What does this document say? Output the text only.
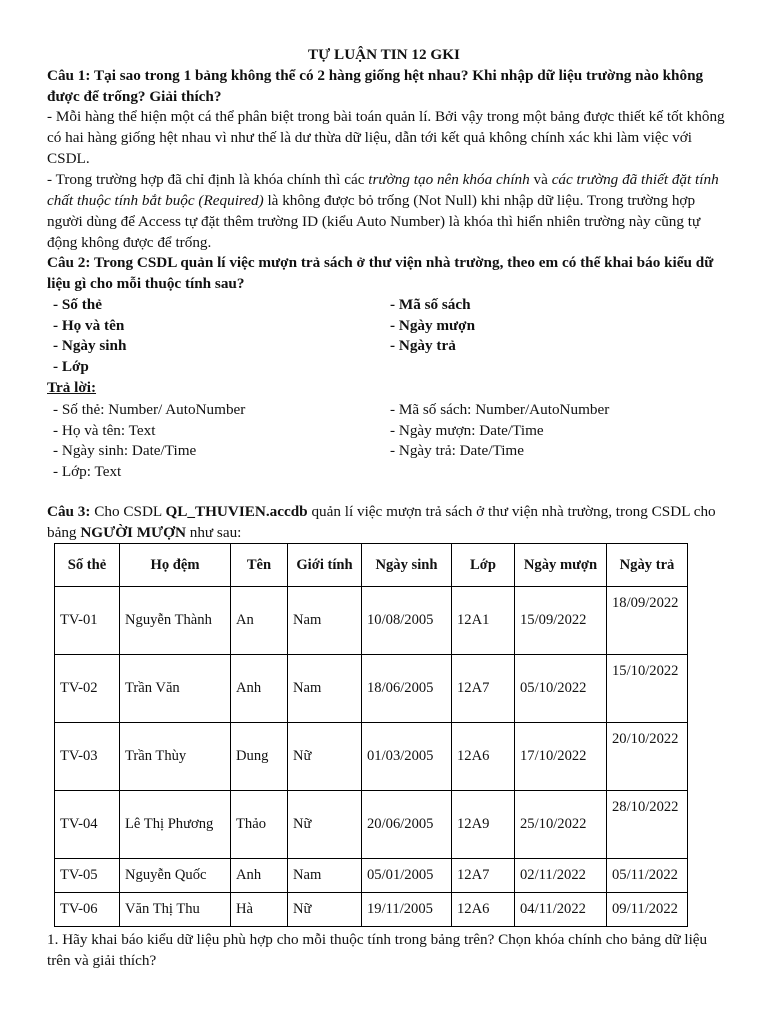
TỰ LUẬN TIN 12 GKI
Câu 1: Tại sao trong 1 bảng không thể có 2 hàng giống hệt nhau? Khi nhập dữ liệu trường nào không được để trống? Giải thích?
- Mỗi hàng thể hiện một cá thể phân biệt trong bài toán quản lí. Bởi vậy trong một bảng được thiết kế tốt không có hai hàng giống hệt nhau vì như thế là dư thừa dữ liệu, dẫn tới kết quả không chính xác khi làm việc với CSDL.
- Trong trường hợp đã chỉ định là khóa chính thì các trường tạo nên khóa chính và các trường đã thiết đặt tính chất thuộc tính bắt buộc (Required) là không được bỏ trống (Not Null) khi nhập dữ liệu. Trong trường hợp người dùng để Access tự đặt thêm trường ID (kiểu Auto Number) là khóa thì hiển nhiên trường này cũng tự động không được để trống.
Câu 2: Trong CSDL quản lí việc mượn trả sách ở thư viện nhà trường, theo em có thể khai báo kiểu dữ liệu gì cho mỗi thuộc tính sau?
- Số thẻ
- Họ và tên
- Ngày sinh
- Lớp
- Mã số sách
- Ngày mượn
- Ngày trả
Trả lời:
- Số thẻ: Number/ AutoNumber
- Họ và tên: Text
- Ngày sinh: Date/Time
- Lớp: Text
- Mã số sách: Number/AutoNumber
- Ngày mượn: Date/Time
- Ngày trả: Date/Time
Câu 3: Cho CSDL QL_THUVIEN.accdb quản lí việc mượn trả sách ở thư viện nhà trường, trong CSDL cho bảng NGƯỜI MƯỢN như sau:
Số thẻ	Họ đệm	Tên	Giới tính	Ngày sinh	Lớp	Ngày mượn	Ngày trả
TV-01	Nguyễn Thành	An	Nam	10/08/2005	12A1	15/09/2022	18/09/2022
TV-02	Trần Văn	Anh	Nam	18/06/2005	12A7	05/10/2022	15/10/2022
TV-03	Trần Thùy	Dung	Nữ	01/03/2005	12A6	17/10/2022	20/10/2022
TV-04	Lê Thị Phương	Thảo	Nữ	20/06/2005	12A9	25/10/2022	28/10/2022
TV-05	Nguyễn Quốc	Anh	Nam	05/01/2005	12A7	02/11/2022	05/11/2022
TV-06	Văn Thị Thu	Hà	Nữ	19/11/2005	12A6	04/11/2022	09/11/2022
1. Hãy khai báo kiểu dữ liệu phù hợp cho mỗi thuộc tính trong bảng trên? Chọn khóa chính cho bảng dữ liệu trên và giải thích?
